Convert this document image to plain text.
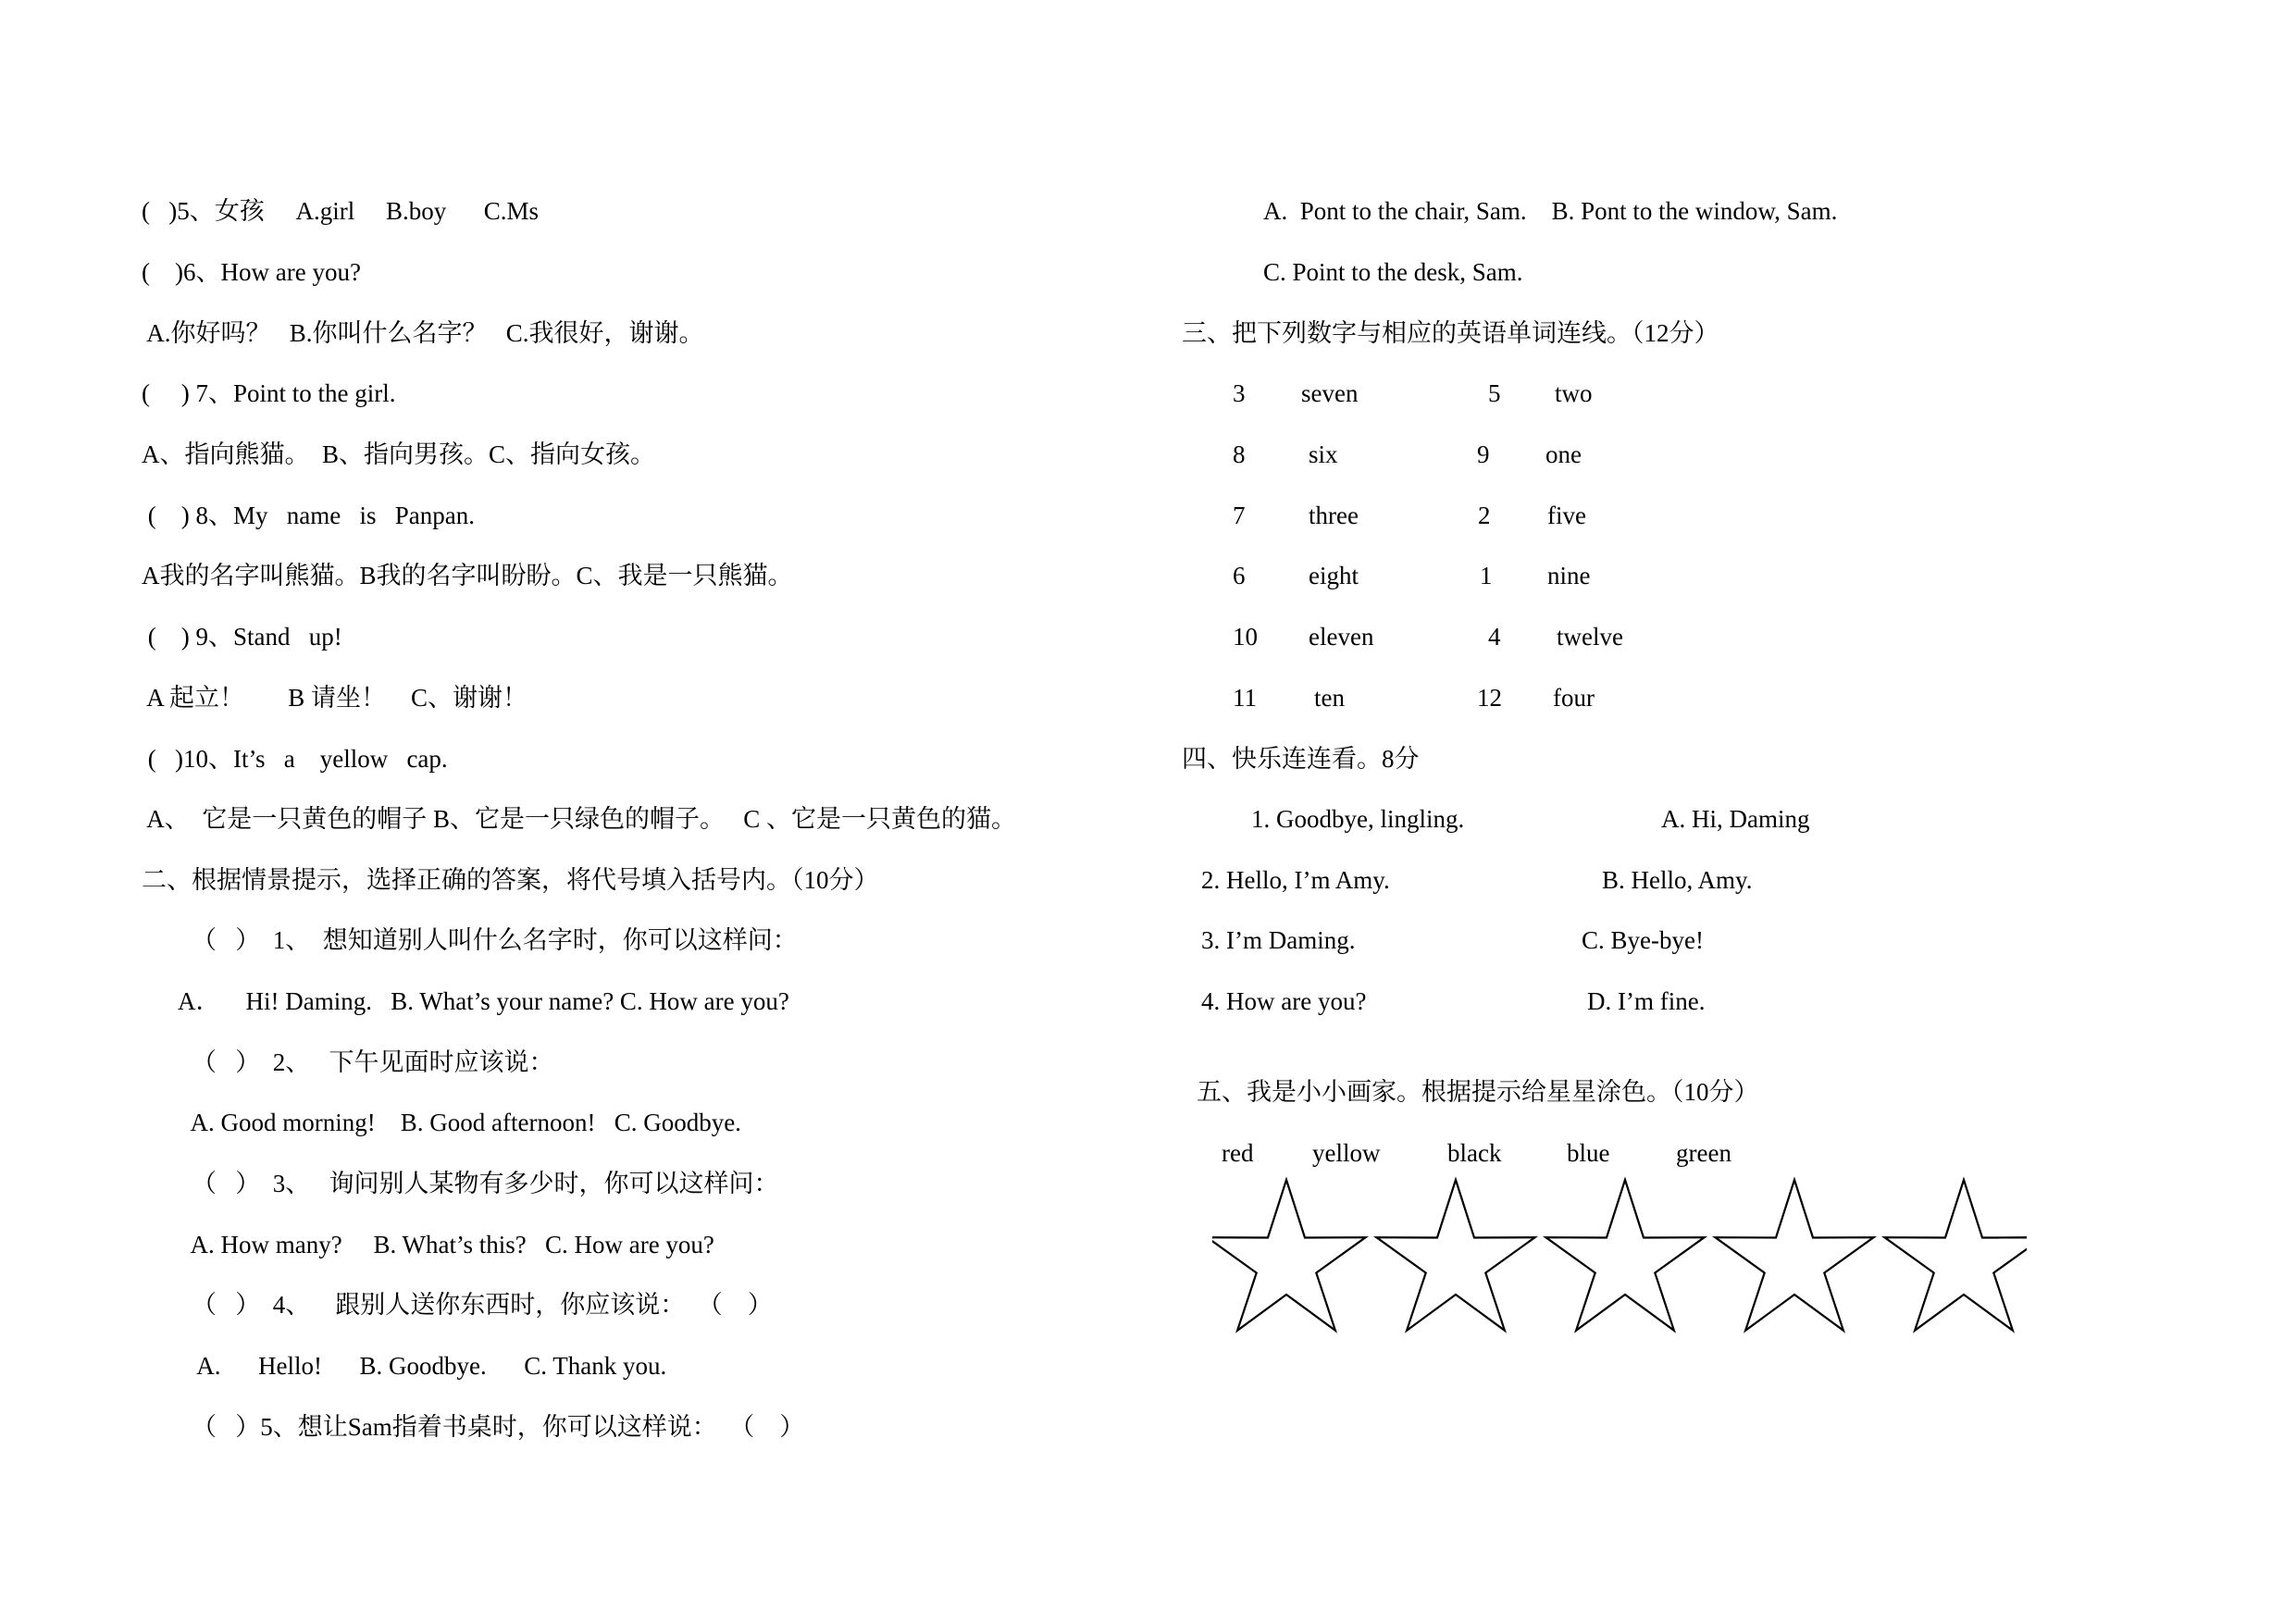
(   )5、女孩     A.girl     B.boy      C.Ms
(    )6、How are you?
A.你好吗？   B.你叫什么名字？   C.我很好，谢谢。
(     ) 7、Point to the girl.
A、指向熊猫。  B、指向男孩。C、指向女孩。
(    ) 8、My   name   is   Panpan.
A我的名字叫熊猫。B我的名字叫盼盼。C、我是一只熊猫。
(    ) 9、Stand   up!
A 起立！       B 请坐！    C、谢谢！
(   )10、It’s   a    yellow   cap.
A、  它是一只黄色的帽子 B、它是一只绿色的帽子。   C 、它是一只黄色的猫。
二、根据情景提示，选择正确的答案，将代号填入括号内。（10分）
（   ）  1、  想知道别人叫什么名字时，你可以这样问：
A．    Hi! Daming.   B. What’s your name? C. How are you?
（   ）  2、   下午见面时应该说：
A. Good morning!    B. Good afternoon!   C. Goodbye.
（   ）  3、   询问别人某物有多少时，你可以这样问：
A. How many?     B. What’s this?   C. How are you?
（   ）  4、    跟别人送你东西时，你应该说：  （    ）
A.      Hello!      B. Goodbye.      C. Thank you.
（   ）5、想让Sam指着书桌时，你可以这样说：  （    ）
A.  Pont to the chair, Sam.    B. Pont to the window, Sam.
C. Point to the desk, Sam.
三、把下列数字与相应的英语单词连线。（12分）
3 seven	5 two
8	six	9 one
7	three	2 five
6	eight	1 nine
10 eleven	4 twelve
11 ten	12 four
四、快乐连连看。8分
1. Goodbye, lingling.	A. Hi, Daming
2. Hello, I’m Amy.	B. Hello, Amy.
3. I’m Daming.	C. Bye-bye!
4. How are you?	D. I’m fine.
五、我是小小画家。根据提示给星星涂色。（10分）
red yellow	black	blue	green
